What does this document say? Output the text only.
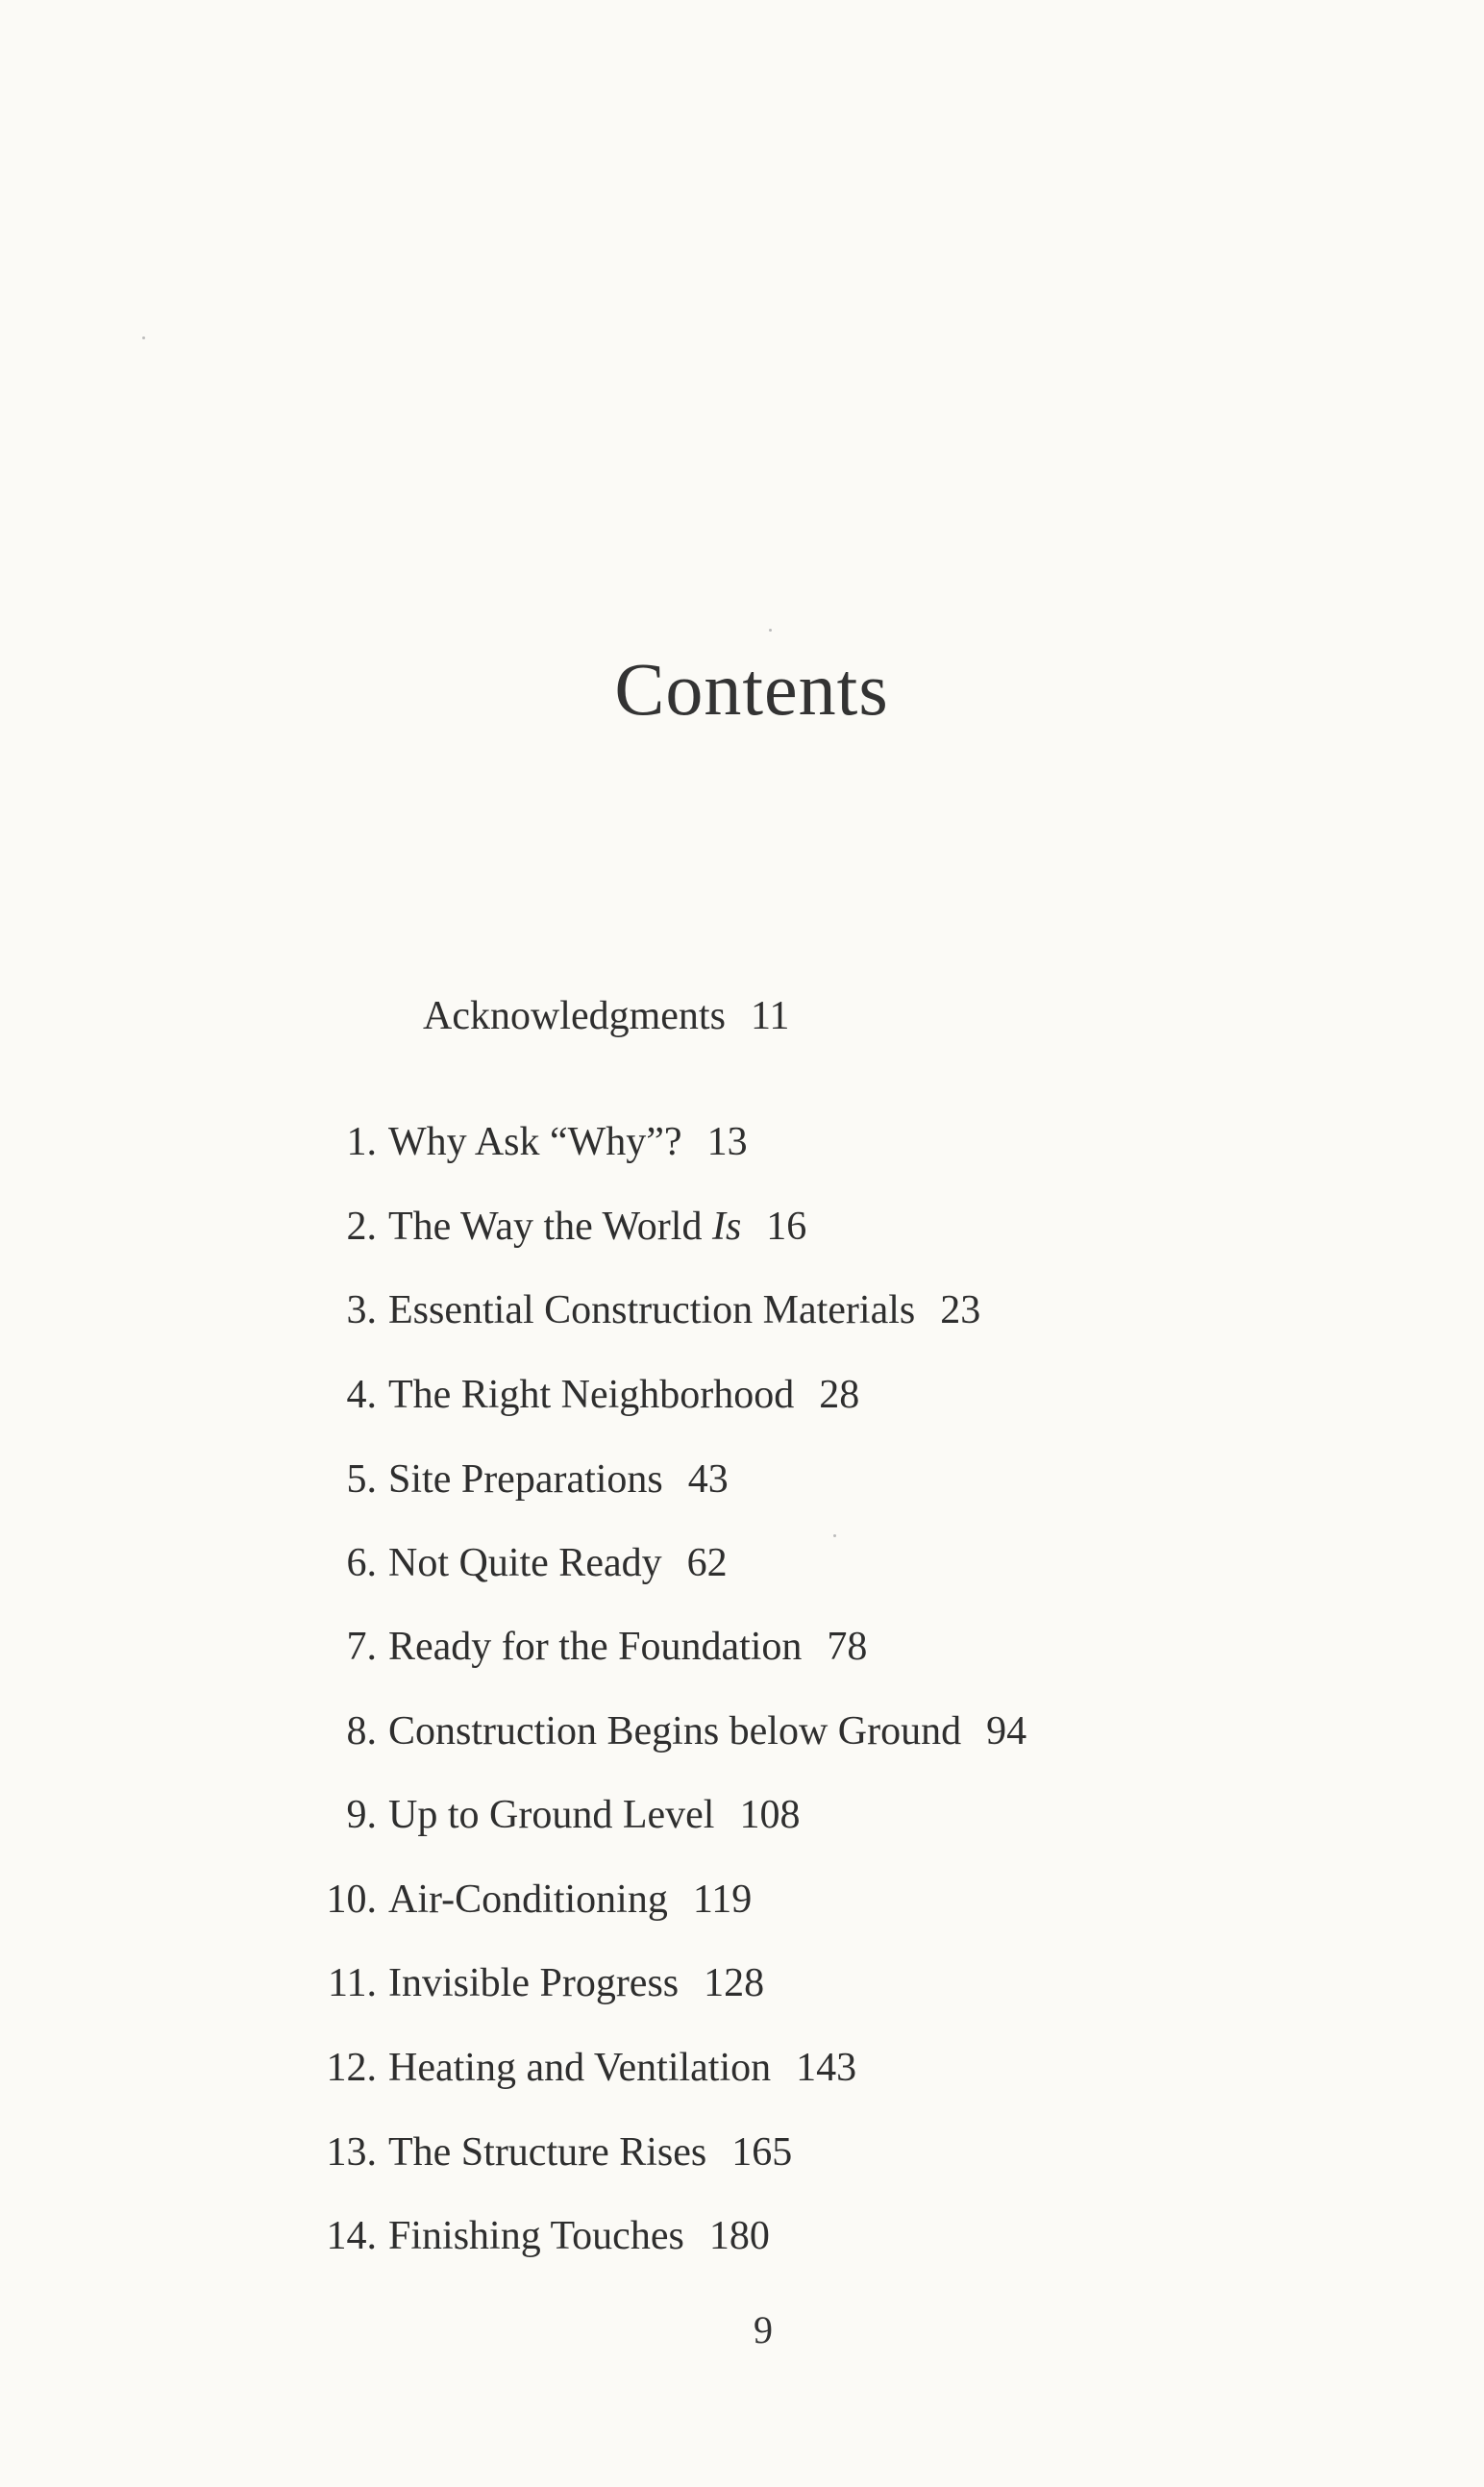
Contents
Acknowledgments 11
1. Why Ask “Why”? 13
2. The Way the World Is 16
3. Essential Construction Materials 23
4. The Right Neighborhood 28
5. Site Preparations 43
6. Not Quite Ready 62
7. Ready for the Foundation 78
8. Construction Begins below Ground 94
9. Up to Ground Level 108
10. Air-Conditioning 119
11. Invisible Progress 128
12. Heating and Ventilation 143
13. The Structure Rises 165
14. Finishing Touches 180
9
